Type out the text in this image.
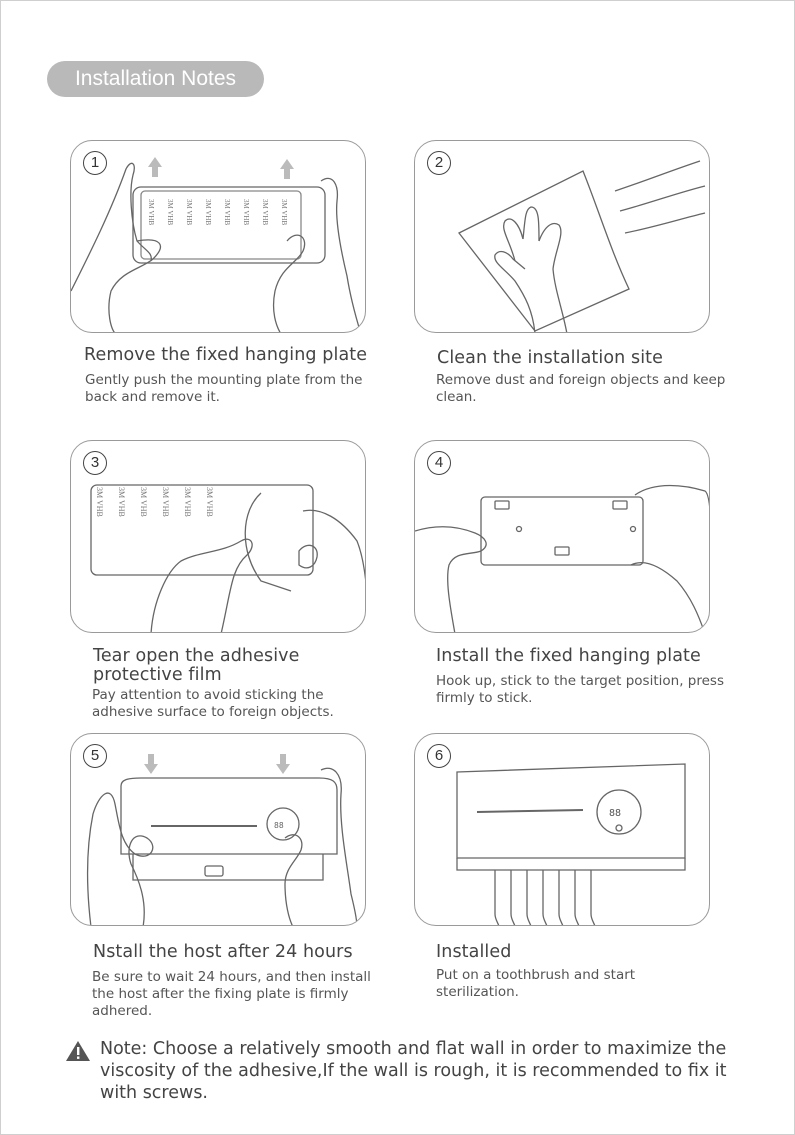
Installation Notes
3M VHB 3M VHB 3M VHB 3M VHB 3M VHB 3M VHB 3M VHB 3M VHB
1
Remove the fixed hanging plate
Gently push the mounting plate from the back and remove it.
2
Clean the installation site
Remove dust and foreign objects and keep clean.
3M VHB 3M VHB 3M VHB 3M VHB 3M VHB 3M VHB
3
Tear open the adhesive protective film
Pay attention to avoid sticking the adhesive surface to foreign objects.
4
Install the fixed hanging plate
Hook up, stick to the target position, press firmly to stick.
88
5
Nstall the host after 24 hours
Be sure to wait 24 hours, and then install the host after the fixing plate is firmly adhered.
88
6
Installed
Put on a toothbrush and start sterilization.
Note: Choose a relatively smooth and flat wall in order to maximize the viscosity of the adhesive,If the wall is rough, it is recommended to fix it with screws.
